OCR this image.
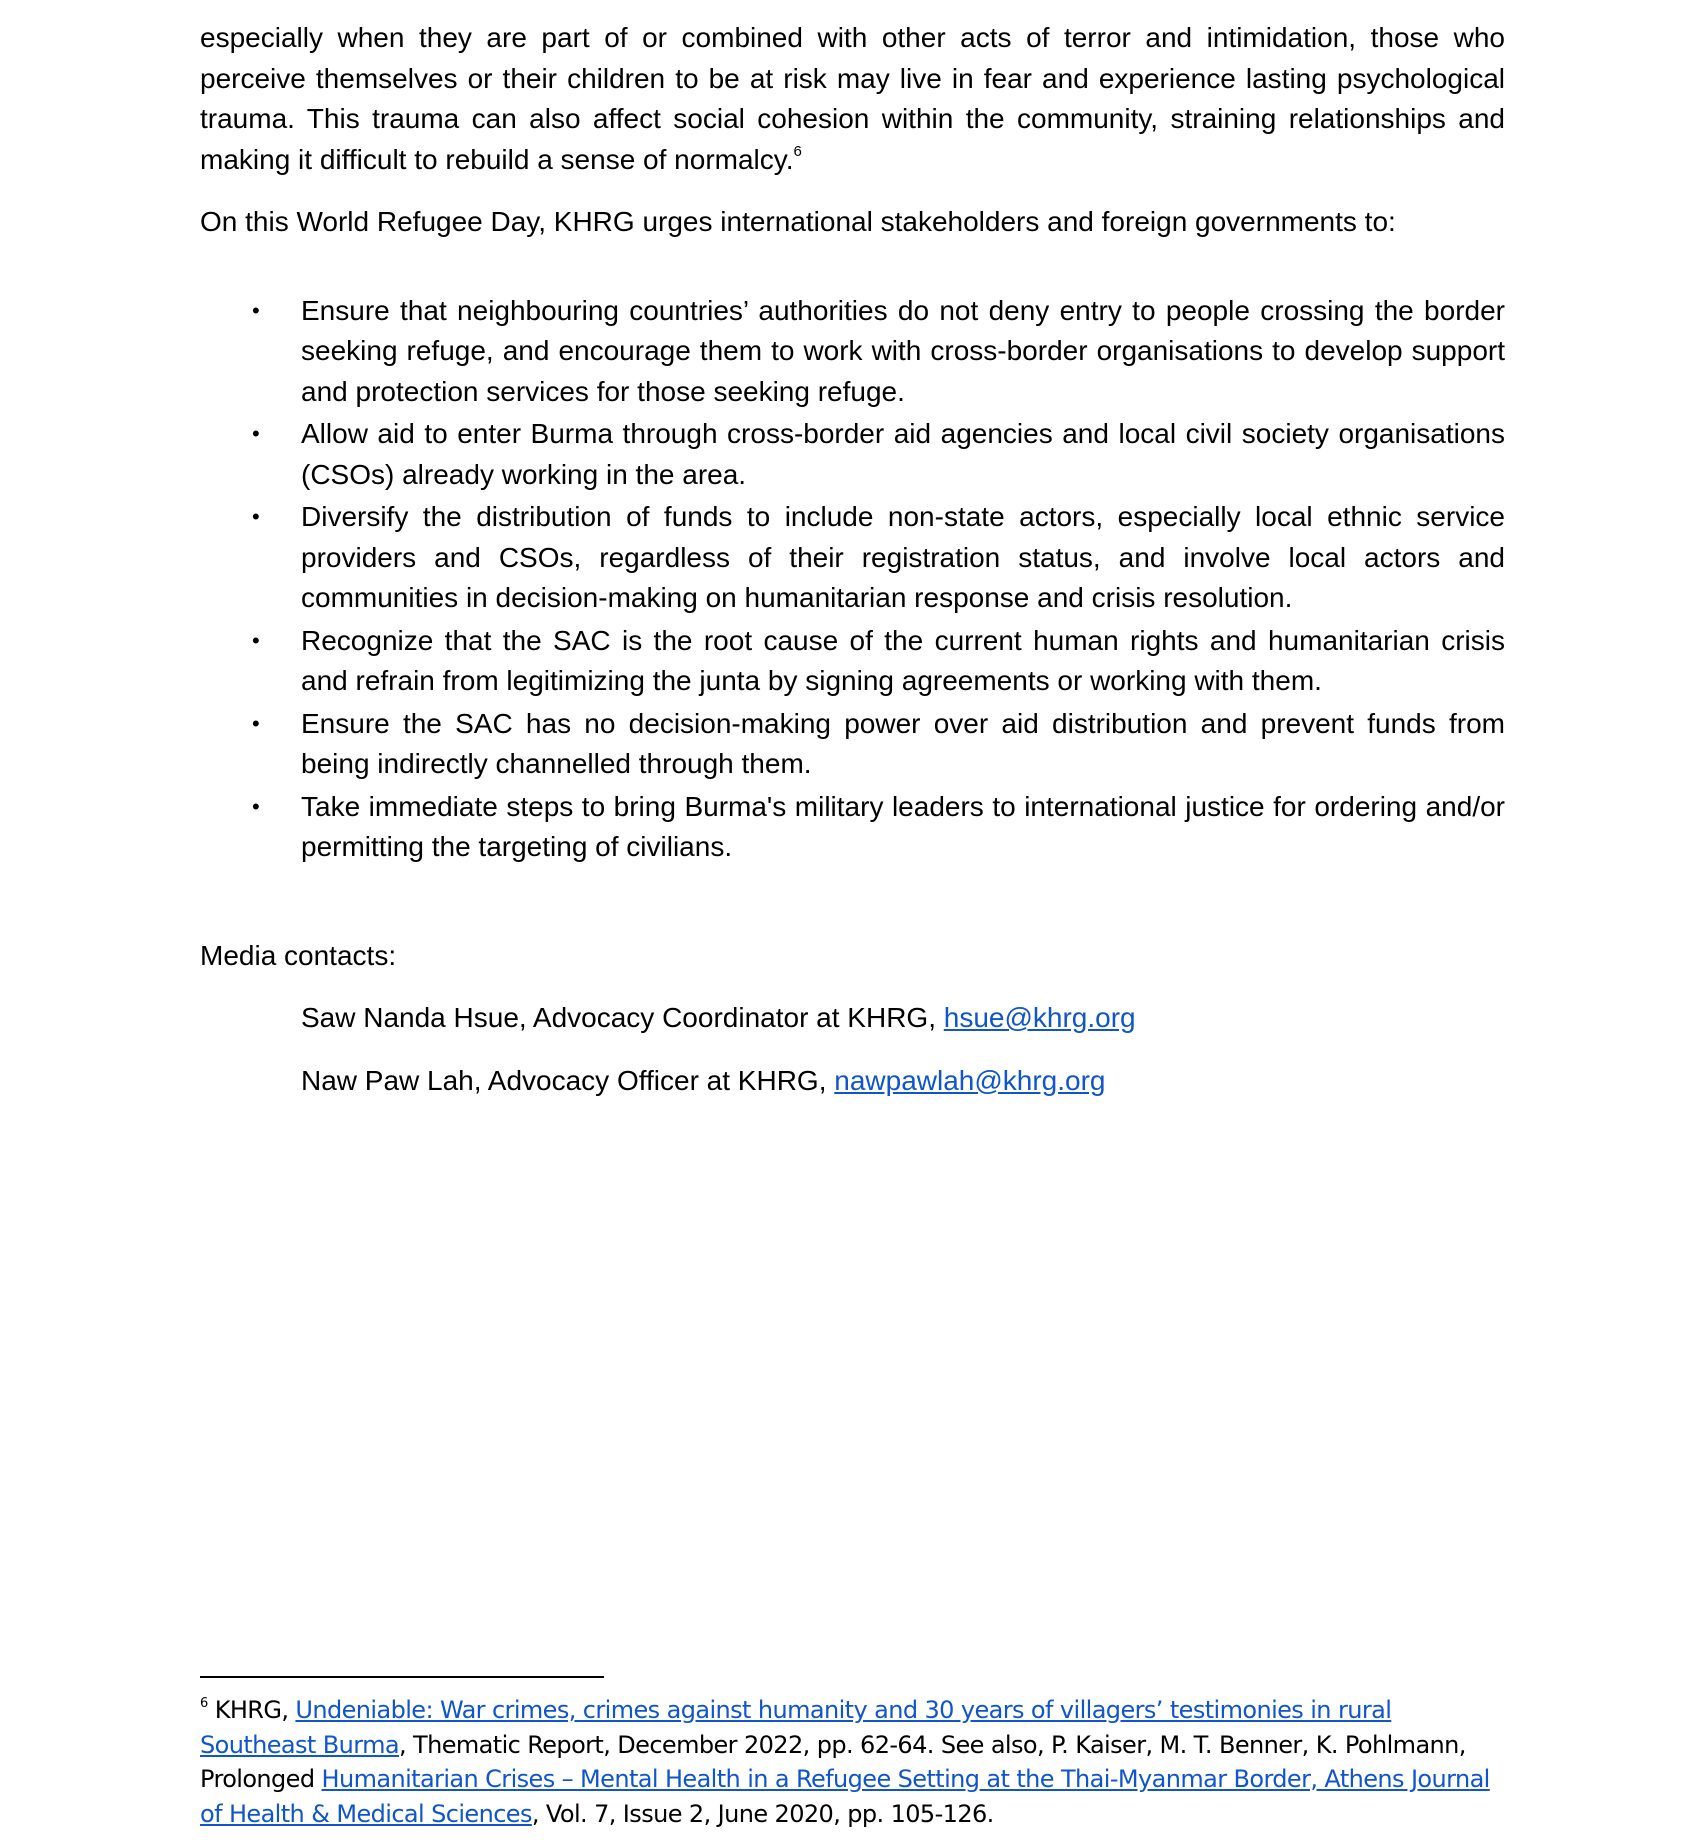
especially when they are part of or combined with other acts of terror and intimidation, those who perceive themselves or their children to be at risk may live in fear and experience lasting psychological trauma. This trauma can also affect social cohesion within the community, straining relationships and making it difficult to rebuild a sense of normalcy.$^6$

On this World Refugee Day, KHRG urges international stakeholders and foreign governments to:

• Ensure that neighbouring countries’ authorities do not deny entry to people crossing the border seeking refuge, and encourage them to work with cross-border organisations to develop support and protection services for those seeking refuge.
• Allow aid to enter Burma through cross-border aid agencies and local civil society organisations (CSOs) already working in the area.
• Diversify the distribution of funds to include non-state actors, especially local ethnic service providers and CSOs, regardless of their registration status, and involve local actors and communities in decision-making on humanitarian response and crisis resolution.
• Recognize that the SAC is the root cause of the current human rights and humanitarian crisis and refrain from legitimizing the junta by signing agreements or working with them.
• Ensure the SAC has no decision-making power over aid distribution and prevent funds from being indirectly channelled through them.
• Take immediate steps to bring Burma's military leaders to international justice for ordering and/or permitting the targeting of civilians.
Media contacts:
Saw Nanda Hsue, Advocacy Coordinator at KHRG, hsue@khrg.org
Naw Paw Lah, Advocacy Officer at KHRG, nawpawlah@khrg.org
$^6$ KHRG, Undeniable: War crimes, crimes against humanity and 30 years of villagers’ testimonies in rural Southeast Burma, Thematic Report, December 2022, pp. 62-64. See also, P. Kaiser, M. T. Benner, K. Pohlmann, Prolonged Humanitarian Crises – Mental Health in a Refugee Setting at the Thai-Myanmar Border, Athens Journal of Health & Medical Sciences, Vol. 7, Issue 2, June 2020, pp. 105-126.
